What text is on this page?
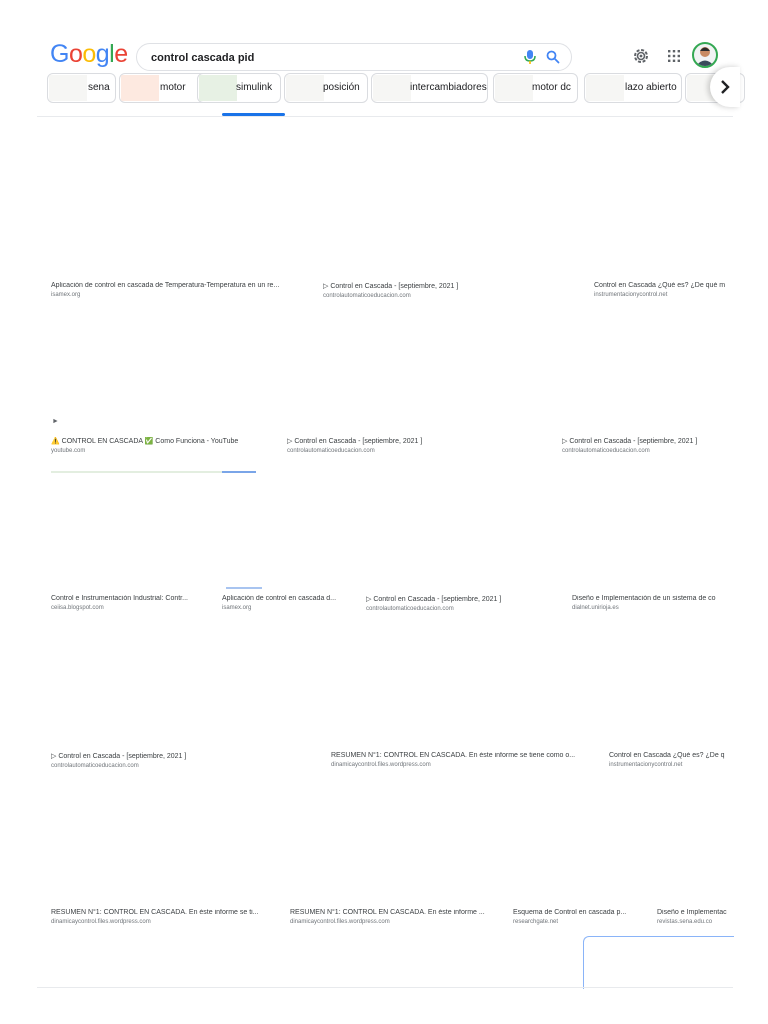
Google
control cascada pid
sena	motor	simulink	posición	intercambiadores	motor dc	lazo abierto
Aplicación de control en cascada de Temperatura-Temperatura en un re...
isamex.org
▷ Control en Cascada - [septiembre, 2021 ]
controlautomaticoeducacion.com
Control en Cascada ¿Qué es? ¿De qué m
instrumentacionycontrol.net
►
⚠️ CONTROL EN CASCADA ✅ Como Funciona - YouTube
youtube.com
▷ Control en Cascada - [septiembre, 2021 ]
controlautomaticoeducacion.com
▷ Control en Cascada - [septiembre, 2021 ]
controlautomaticoeducacion.com
Control e Instrumentación Industrial: Contr...
ceiisa.blogspot.com
Aplicación de control en cascada d...
isamex.org
▷ Control en Cascada - [septiembre, 2021 ]
controlautomaticoeducacion.com
Diseño e Implementación de un sistema de co
dialnet.unirioja.es
▷ Control en Cascada - [septiembre, 2021 ]
controlautomaticoeducacion.com
RESUMEN N°1: CONTROL EN CASCADA. En éste informe se tiene como o...
dinamicaycontrol.files.wordpress.com
Control en Cascada ¿Qué es? ¿De q
instrumentacionycontrol.net
RESUMEN N°1: CONTROL EN CASCADA. En éste informe se ti...
dinamicaycontrol.files.wordpress.com
RESUMEN N°1: CONTROL EN CASCADA. En éste informe ...
dinamicaycontrol.files.wordpress.com
Esquema de Control en cascada p...
researchgate.net
Diseño e Implementac
revistas.sena.edu.co
